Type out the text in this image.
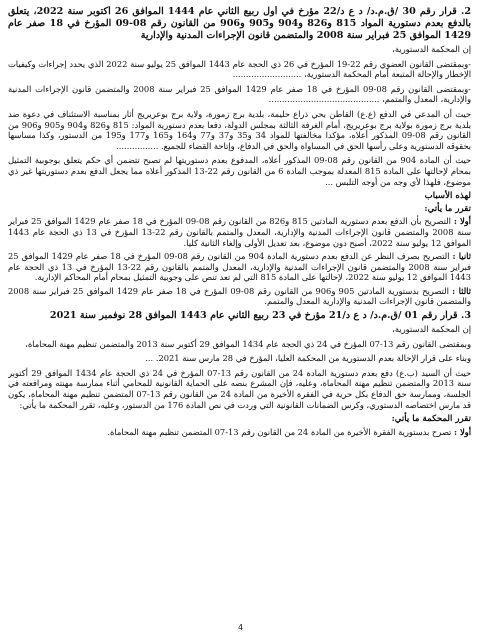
2. قرار رقم 30 /ق.م.د/ د ع د/22 مؤرخ في أول ربيع الثاني عام 1444 الموافق 26 أكتوبر سنة 2022، يتعلق بالدفع بعدم دستورية المواد 815 و826 و904 و905 و906 من القانون رقم 08-09 المؤرخ في 18 صفر عام 1429 الموافق 25 فبراير سنة 2008 والمتضمن قانون الإجراءات المدنية والإدارية
إن المحكمة الدستورية،
-وبمقتضى القانون العضوي رقم 22-19 المؤرخ في 26 ذي الحجة عام 1443 الموافق 25 يوليو سنة 2022 الذي يحدد إجراءات وكيفيات الإخطار والإحالة المتبعة أمام المحكمة الدستورية، ..........................
-وبمقتضى القانون رقم 08-09 المؤرخ في 18 صفر عام 1429 الموافق 25 فبراير سنة 2008 والمتضمن قانون الإجراءات المدنية والإدارية، المعدل والمتمم، ..........................................
حيث أن المدعي في الدفع (ع.ع) القاطن بحي ذراع حليمة، بلدية برج زمورة، ولاية برج بوعريريج أثار بمناسبة الاستئناف في دعوة ضد بلدية برج زمورة بولاية برج بوعريريج، أمام الغرفة الثالثة بمجلس الدولة، دفعا بعدم دستورية المواد: 815 و826 و904 و905 و906 من القانون رقم 08-09 المذكور أعلاه، مؤكدا مخالفتها للمواد 34 و35 و37 و77 و164 و165 و177 و195 من الدستور، وكذا مساسها بحقوقه الدستورية وعلى رأسها الحق في المساواة والحق في الدفاع، وإتاحة القضاء للجميع. ................
حيث أن المادة 904 من القانون رقم 08-09 المذكور أعلاه، المدفوع بعدم دستوريتها لم تصبح تتضمن أي حكم يتعلق بوجوبية التمثيل بمحام لإحالتها على المادة 815 المعدلة بموجب المادة 6 من القانون رقم 22-13 المذكور أعلاه مما يجعل الدفع بعدم دستوريتها غير ذي موضوع، فلهذا لأي وجه من أوجه التلبس ...
لهذه الأسباب
تقرر ما يأتي:
أولا : التصريح بأن الدفع بعدم دستورية المادتين 815 و826 من القانون رقم 08-09 المؤرخ في 18 صفر عام 1429 الموافق 25 فبراير سنة 2008 والمتضمن قانون الإجراءات المدنية والإدارية، المعدل والمتمم بالقانون رقم 22-13 المؤرخ في 13 ذي الحجة عام 1443 الموافق 12 يوليو سنة 2022، أصبح دون موضوع، بعد تعديل الأولى وإلغاء الثانية كليا.
ثانيا : التصريح بصرف النظر عن الدفع بعدم دستورية المادة 904 من القانون رقم 08-09 المؤرخ في 18 صفر عام 1429 الموافق 25 فبراير سنة 2008 والمتضمن قانون الإجراءات المدنية والإدارية، المعدل والمتمم بالقانون رقم 22-13 المؤرخ في 13 ذي الحجة عام 1443 الموافق 12 يوليو سنة 2022، لإحالتها على المادة 815 التي لم تعد تنص على وجوبية التمثيل بمحام أمام المحاكم الإدارية.
ثالثا : التصريح بدستورية المادتين 905 و906 من القانون رقم 08-09 المؤرخ في 18 صفر عام 1429 الموافق 25 فبراير سنة 2008 والمتضمن قانون الإجراءات المدنية والإدارية المعدل والمتمم.
3. قرار رقم 01 /ق.م.د/ د ع د/21 مؤرخ في 23 ربيع الثاني عام 1443 الموافق 28 نوفمبر سنة 2021
إن المحكمة الدستورية،
وبمقتضى القانون رقم 13-07 المؤرخ في 24 ذي الحجة عام 1434 الموافق 29 أكتوبر سنة 2013 والمتضمن تنظيم مهنة المحاماة،
وبناء على قرار الإحالة بعدم الدستورية من المحكمة العليا، المؤرخ في 28 مارس سنة 2021. ...
حيث أن السيد (ب.ع) دفع بعدم دستورية المادة 24 من القانون رقم 13-07 المؤرخ في 24 ذي الحجة عام 1434 الموافق 29 أكتوبر سنة 2013 والمتضمن تنظيم مهنة المحاماة، وعليه، فإن المشرع بنصه على الحماية القانونية للمحامي أثناء ممارسة مهنته ومرافعته في الجلسة، وممارسة حق الدفاع بكل حرية في الفقرة الأخيرة من المادة 24 من القانون رقم 13-07 المتضمن تنظيم مهنة المحاماة، يكون قد مارس اختصاصه الدستوري، وكرس الضمانات القانونية التي وردت في نص المادة 176 من الدستور، وعليه، تقرر المحكمة ما يأتي:
تقرر المحكمة ما يأتي:
أولا : تصرح بدستورية الفقرة الأخيرة من المادة 24 من القانون رقم 13-07 المتضمن تنظيم مهنة المحاماة.
4
